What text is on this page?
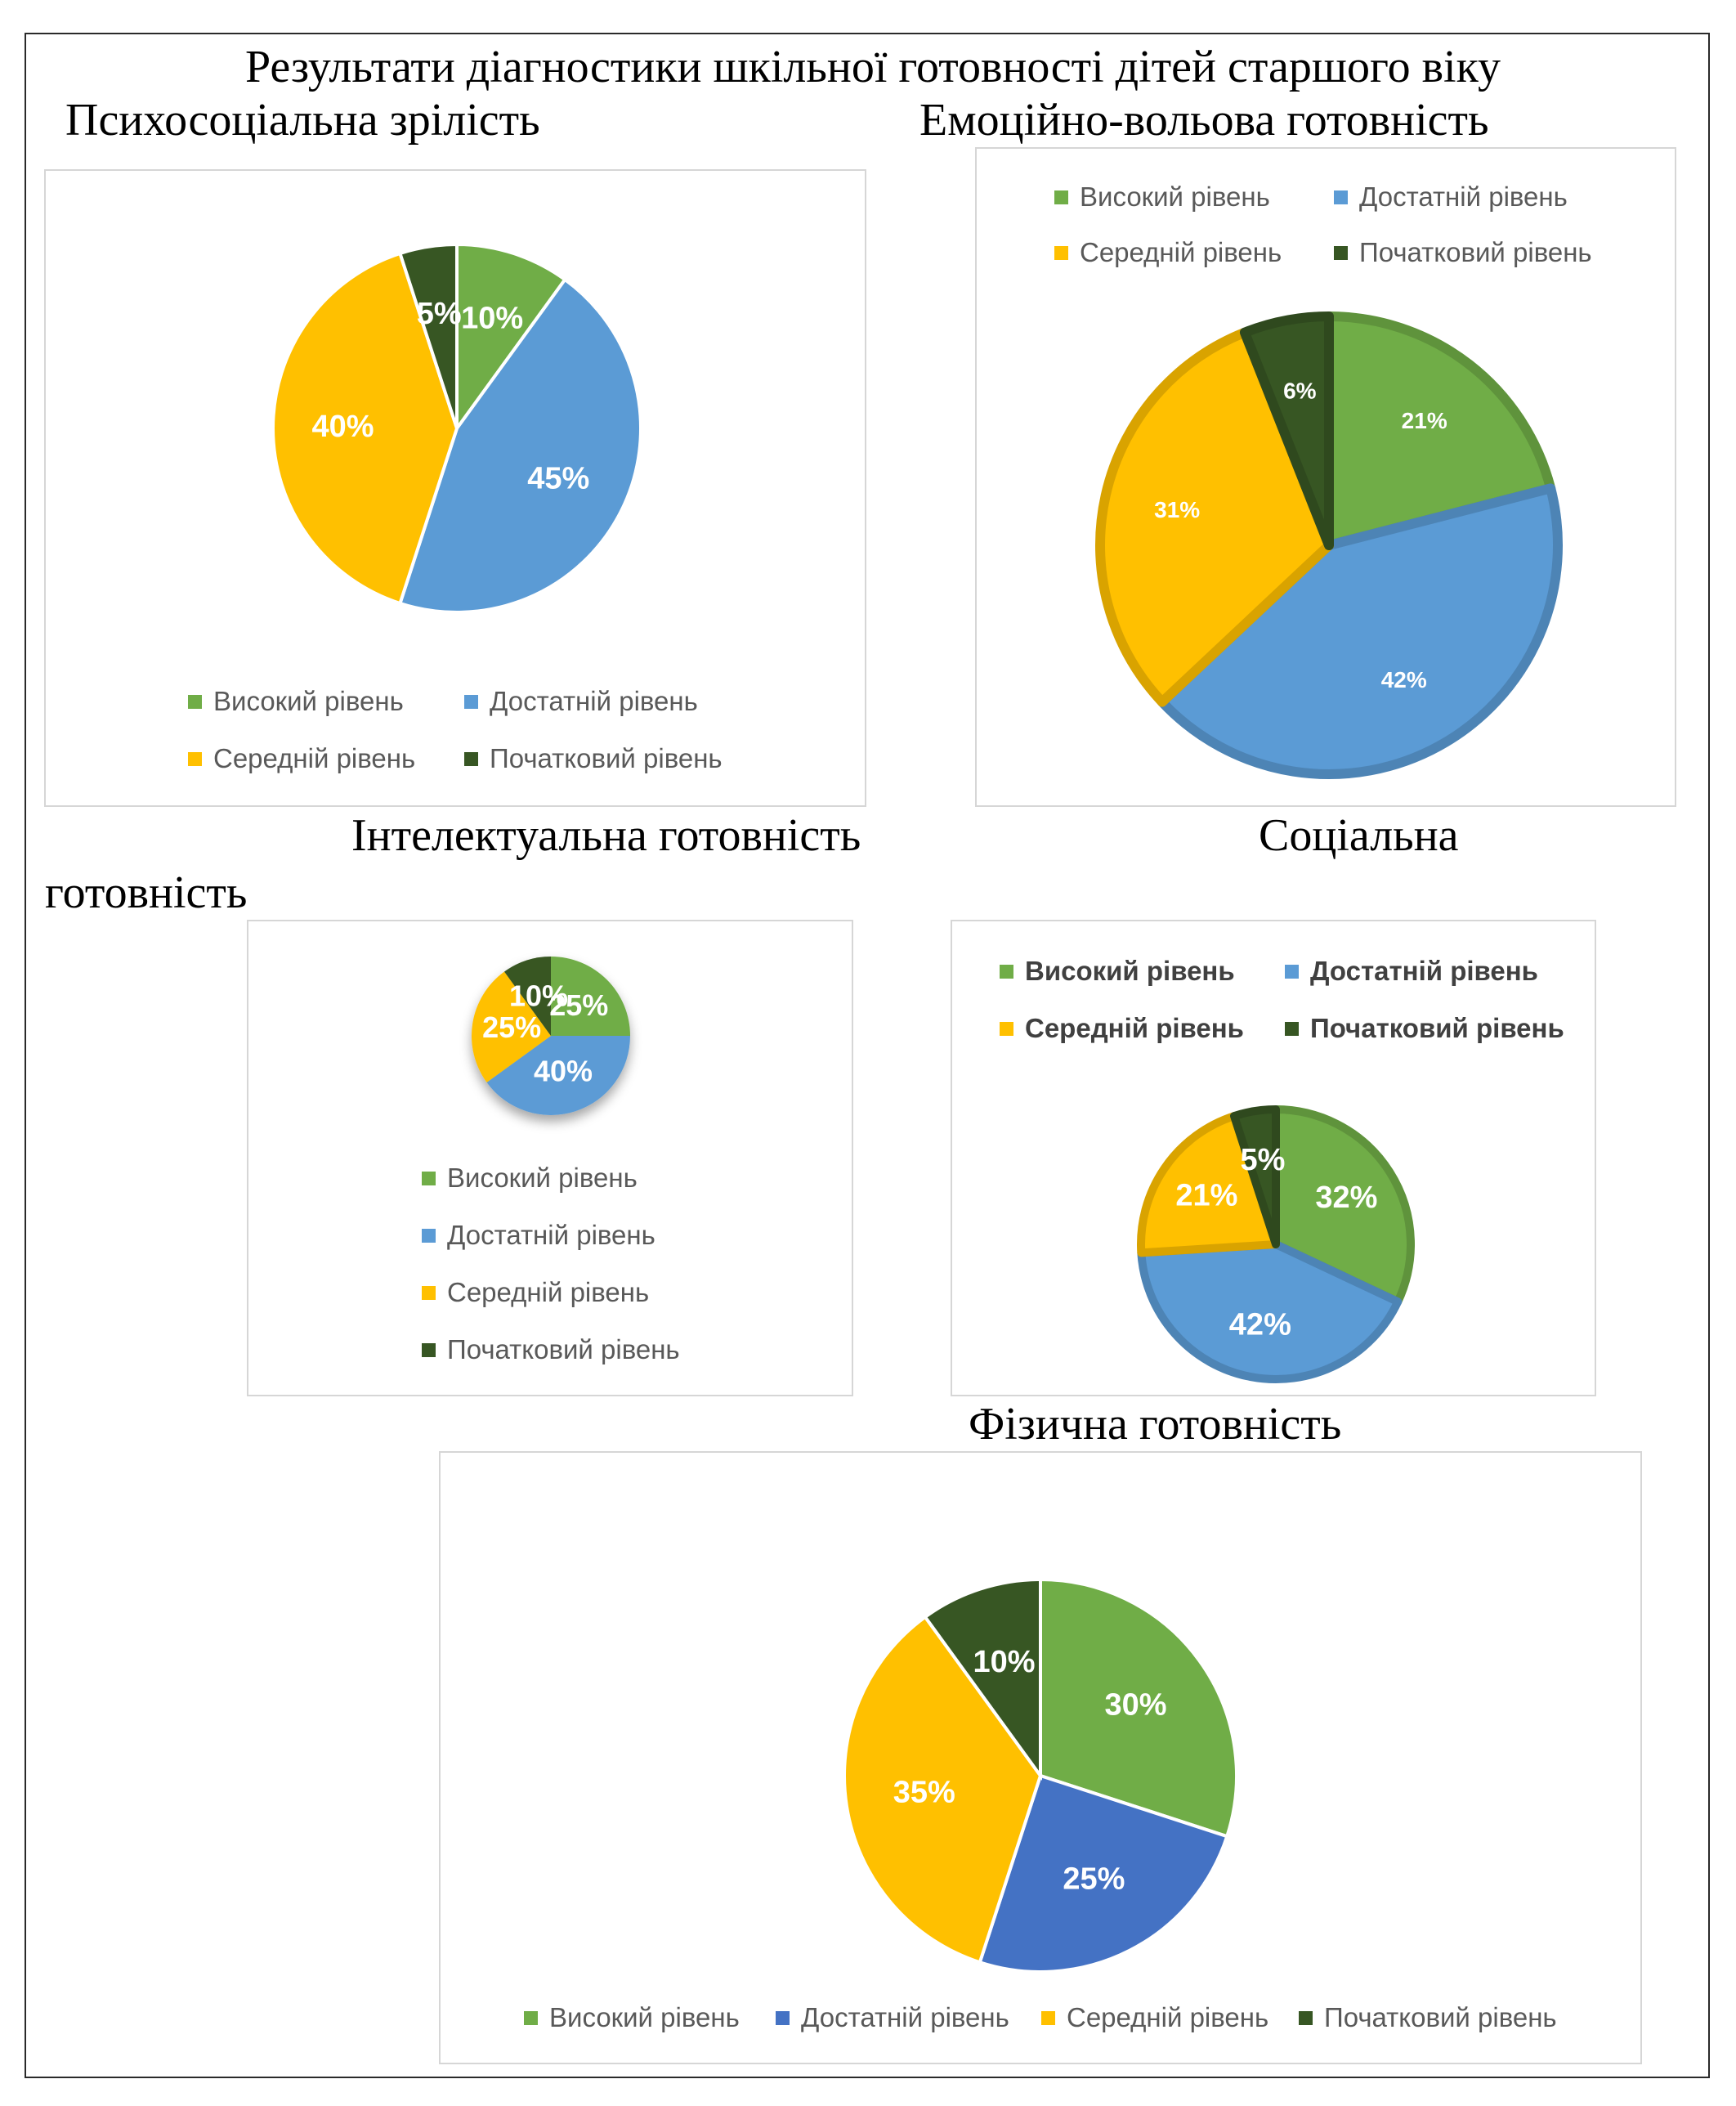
Результати діагностики шкільної готовності дітей старшого віку
Психосоціальна зрілість	Емоційно-вольова готовність
Інтелектуальна готовність	Соціальна
готовність
Фізична готовність
10%
45%
40%
5%
Високий рівень	Достатній рівень
Середній рівень	Початковий рівень
21%
42%
31%
6%
Високий рівень	Достатній рівень
Середній рівень	Початковий рівень
25%
40%
25%
10%
Високий рівень
Достатній рівень
Середній рівень
Початковий рівень
32%
42%
21%
5%
Високий рівень	Достатній рівень
Середній рівень Початковий рівень
30%
25%
35%
10%
Високий рівень Достатній рівень Середній рівень Початковий рівень
